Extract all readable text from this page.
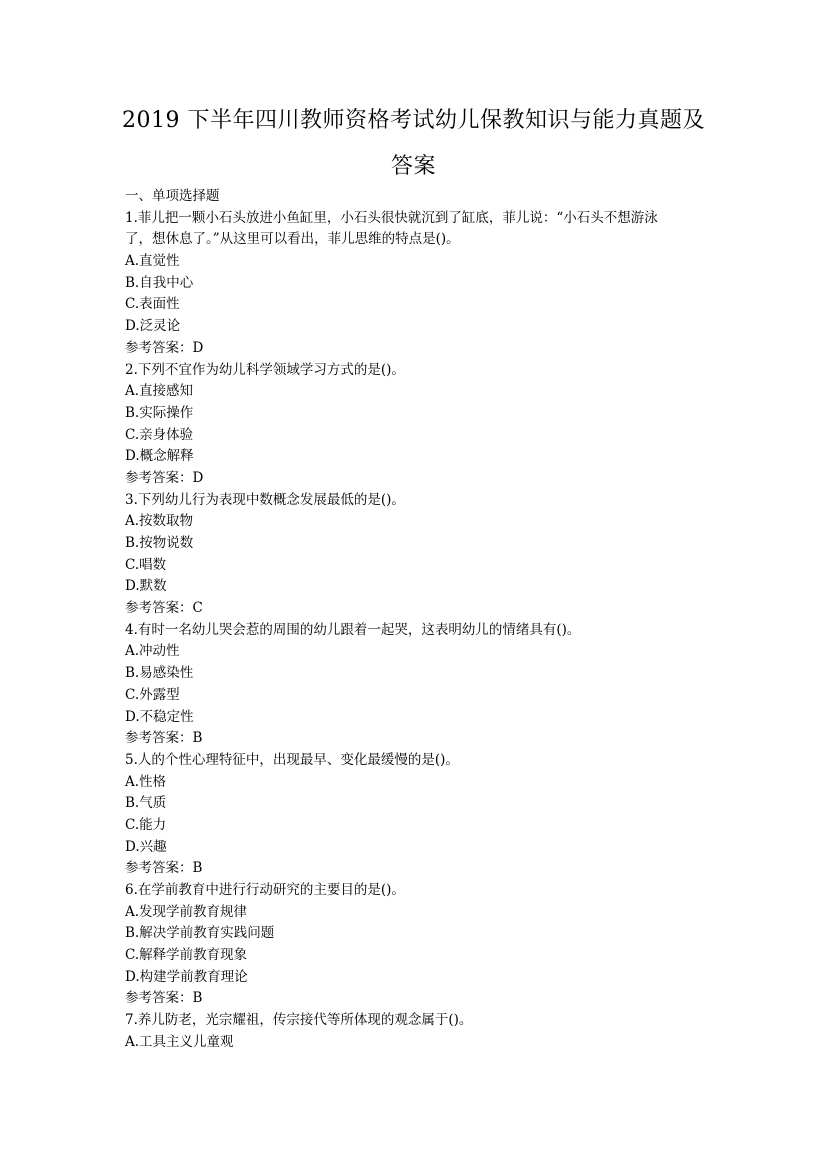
2019 下半年四川教师资格考试幼儿保教知识与能力真题及
答案
一、单项选择题
1.菲儿把一颗小石头放进小鱼缸里，小石头很快就沉到了缸底，菲儿说：“小石头不想游泳
了，想休息了。”从这里可以看出，菲儿思维的特点是()。
A.直觉性
B.自我中心
C.表面性
D.泛灵论
参考答案：D
2.下列不宜作为幼儿科学领域学习方式的是()。
A.直接感知
B.实际操作
C.亲身体验
D.概念解释
参考答案：D
3.下列幼儿行为表现中数概念发展最低的是()。
A.按数取物
B.按物说数
C.唱数
D.默数
参考答案：C
4.有时一名幼儿哭会惹的周围的幼儿跟着一起哭，这表明幼儿的情绪具有()。
A.冲动性
B.易感染性
C.外露型
D.不稳定性
参考答案：B
5.人的个性心理特征中，出现最早、变化最缓慢的是()。
A.性格
B.气质
C.能力
D.兴趣
参考答案：B
6.在学前教育中进行行动研究的主要目的是()。
A.发现学前教育规律
B.解决学前教育实践问题
C.解释学前教育现象
D.构建学前教育理论
参考答案：B
7.养儿防老，光宗耀祖，传宗接代等所体现的观念属于()。
A.工具主义儿童观
